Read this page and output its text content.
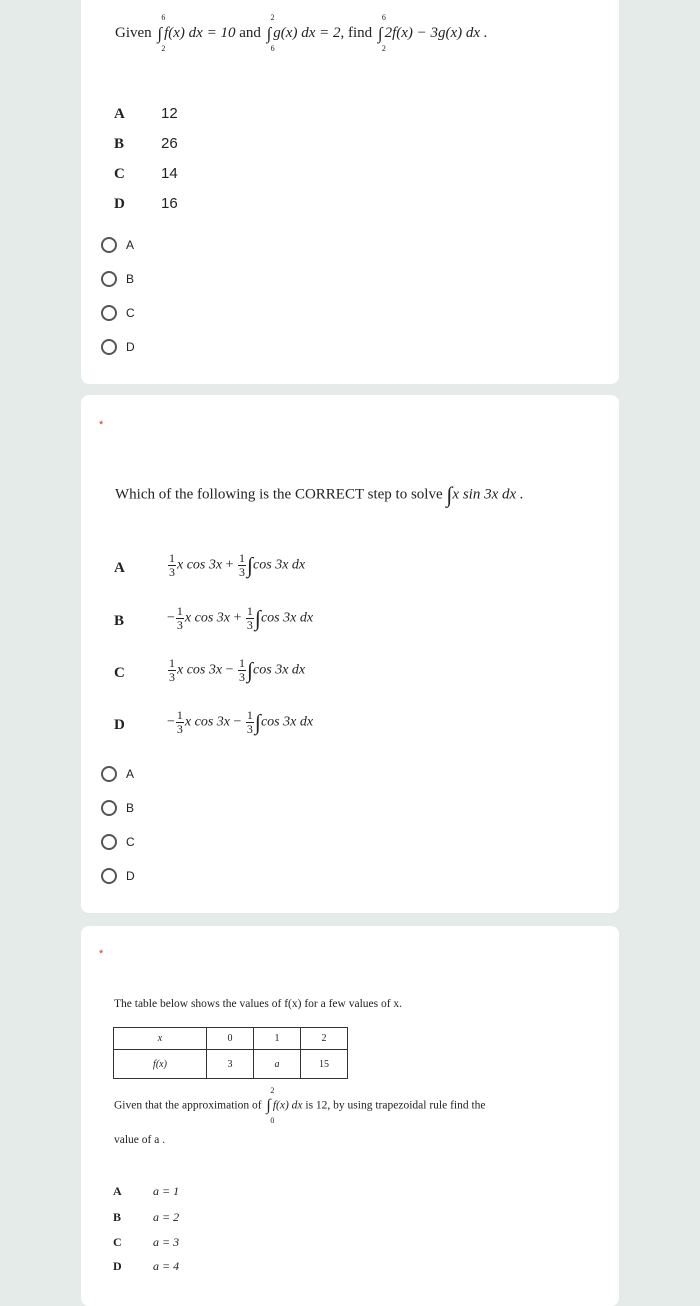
Given ∫
6
2
f(x) dx = 10 and ∫
2
6
g(x) dx = 2, find ∫
6
2
2f(x) − 3g(x) dx .
A 12
B 26
C 14
D 16
A
B
C
D
*
Which of the following is the CORRECT step to solve ∫x sin 3x dx .
A	$\frac{1}{3}$ x $\cos 3x + \frac{1}{3} \int\cos$ 3x dx
B	− $\frac{1}{3}$ x $\cos 3x + \frac{1}{3} \int\cos$ 3x dx
C	$\frac{1}{3}$ x $\cos 3x - \frac{1}{3} \int\cos$ 3x dx
D	− $\frac{1}{3}$ x $\cos 3x - \frac{1}{3} \int\cos$ 3x dx
A
B
C
D
*
The table below shows the values of f(x) for a few values of x.
x	0	1	2
f(x)	3	a	15
Given that the approximation of ∫
2
0
f(x) dx is 12, by using trapezoidal rule find the
value of a .
A	a = 1
B	a = 2
C	a = 3
D	a = 4
